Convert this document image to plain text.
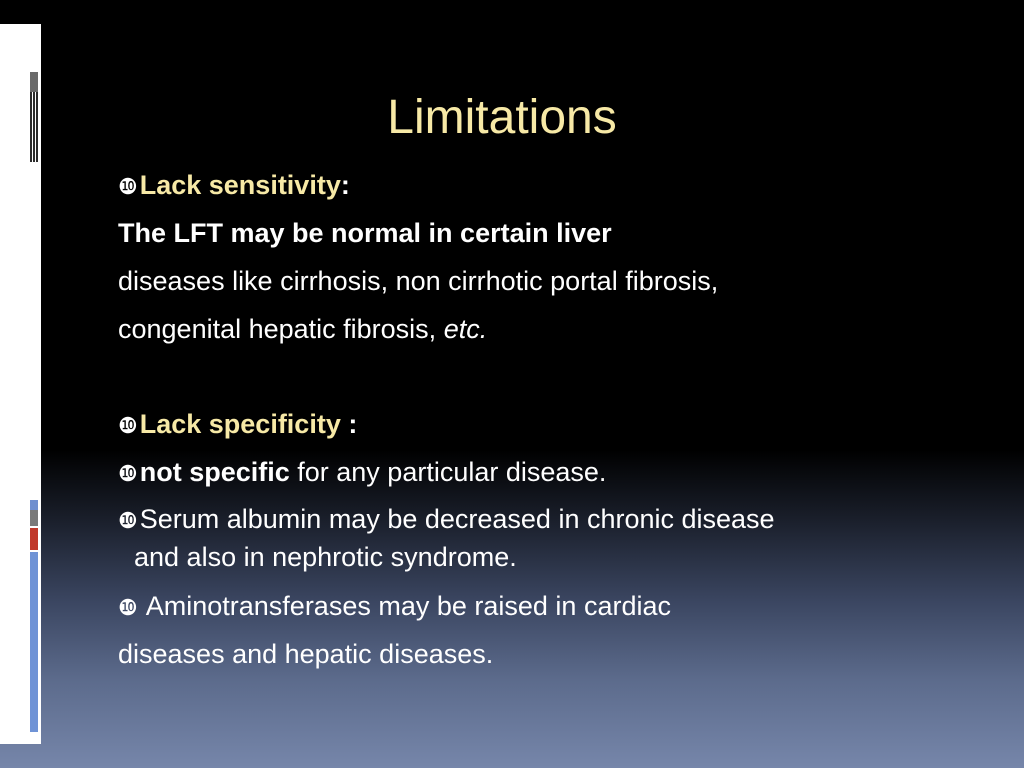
Limitations
❿Lack sensitivity:
The LFT may be normal in certain liver
diseases like cirrhosis, non cirrhotic portal fibrosis,
congenital hepatic fibrosis, etc.
❿Lack specificity :
❿not specific for any particular disease.
❿Serum albumin may be decreased in chronic disease
and also in nephrotic syndrome.
❿ Aminotransferases may be raised in cardiac
diseases and hepatic diseases.
